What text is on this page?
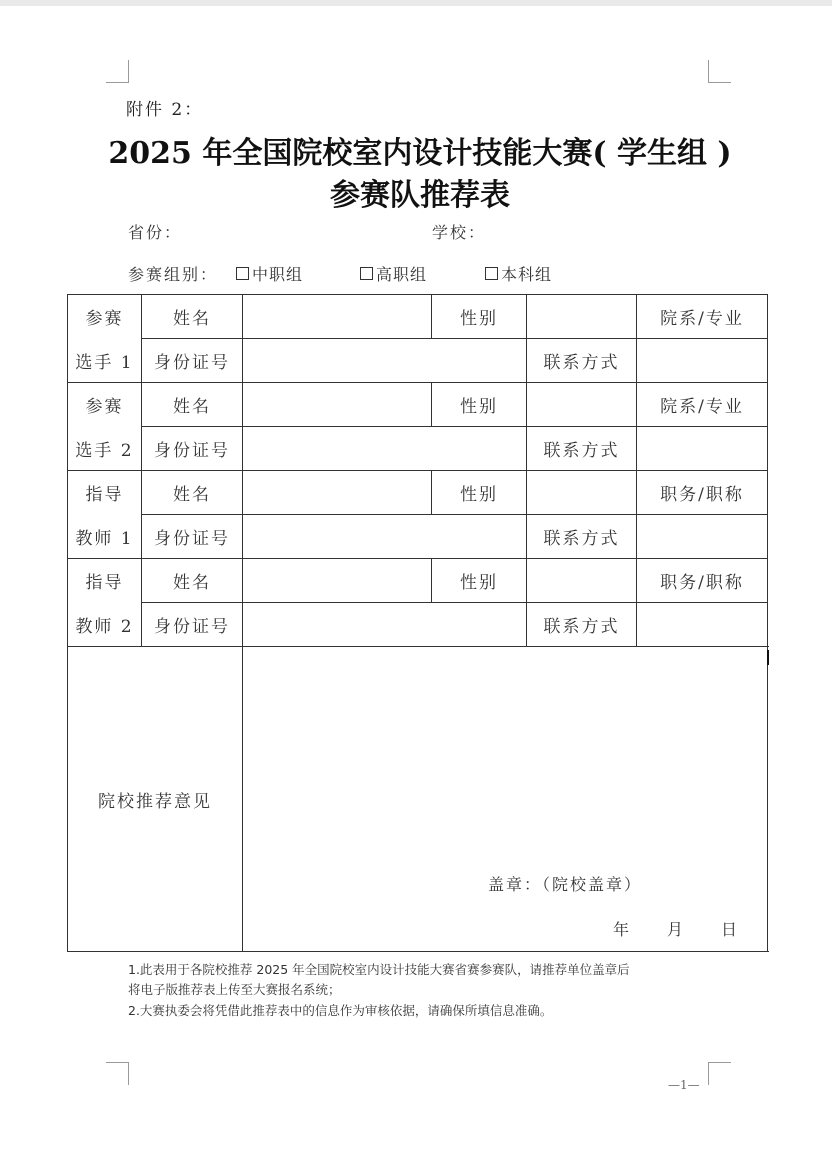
附件 2：
2025 年全国院校室内设计技能大赛( 学生组 )
参赛队推荐表
省份：	学校：
参赛组别： 中职组	高职组	本科组
参赛	姓名		性别		院系/专业	
选手 1	身份证号			联系方式		
参赛	姓名		性别		院系/专业	
选手 2	身份证号			联系方式		
指导	姓名		性别		职务/职称	
教师 1	身份证号			联系方式		
指导	姓名		性别		职务/职称	
教师 2	身份证号			联系方式		
院校推荐意见		盖章：（院校盖章）
年 月 日				
1.此表用于各院校推荐 2025 年全国院校室内设计技能大赛省赛参赛队，请推荐单位盖章后
将电子版推荐表上传至大赛报名系统；
2.大赛执委会将凭借此推荐表中的信息作为审核依据，请确保所填信息准确。
—1—
